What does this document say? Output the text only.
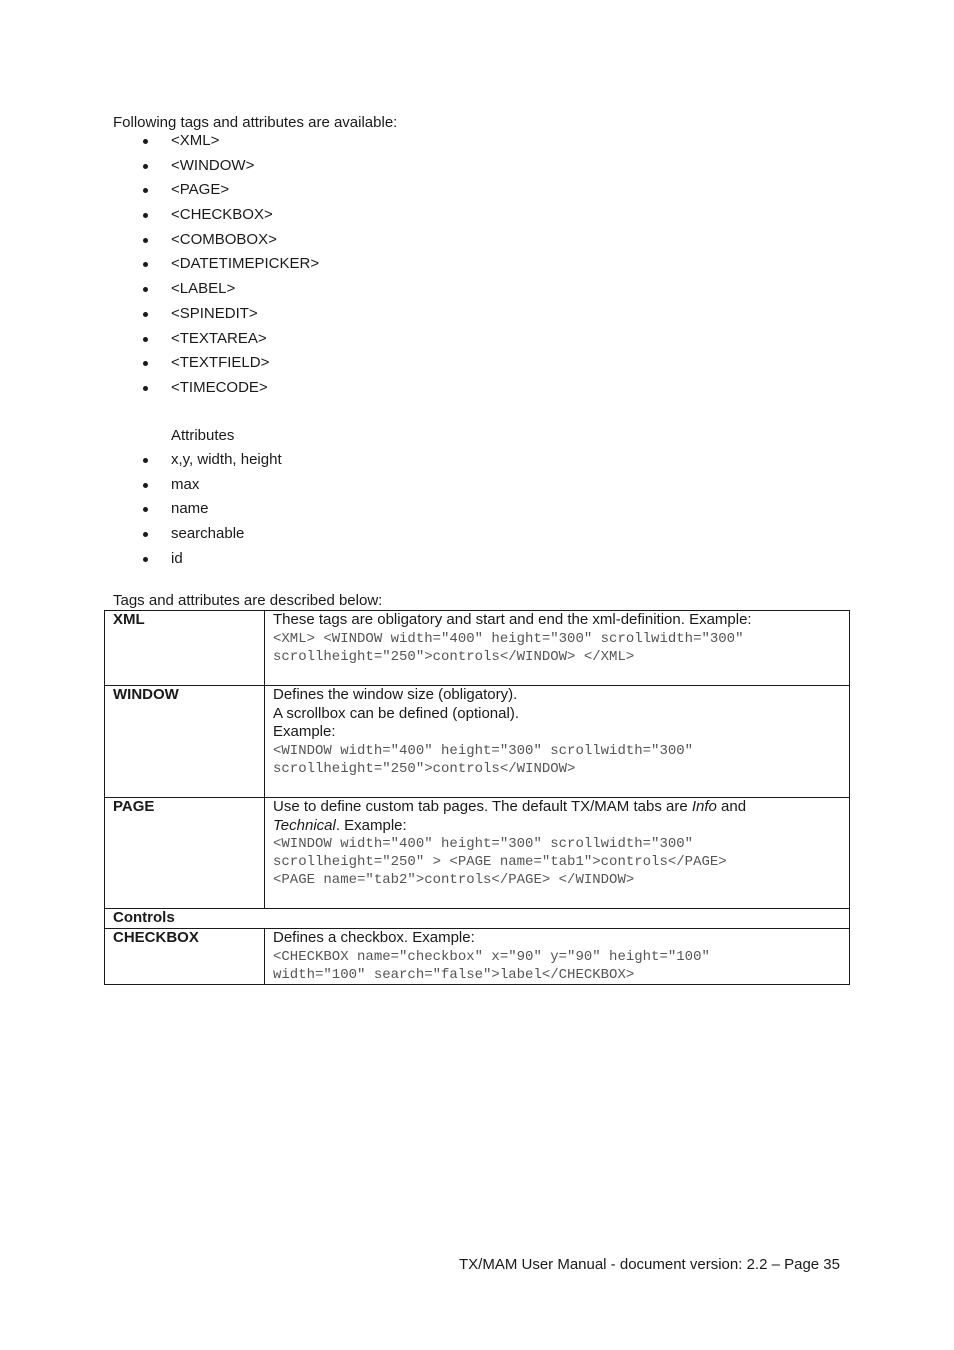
Following tags and attributes are available:
<XML>
<WINDOW>
<PAGE>
<CHECKBOX>
<COMBOBOX>
<DATETIMEPICKER>
<LABEL>
<SPINEDIT>
<TEXTAREA>
<TEXTFIELD>
<TIMECODE>
Attributes
x,y, width, height
max
name
searchable
id
Tags and attributes are described below:
XML	These tags are obligatory and start and end the xml-definition. Example:
<XML> <WINDOW width="400" height="300" scrollwidth="300"
scrollheight="250">controls</WINDOW> </XML>

WINDOW	Defines the window size (obligatory).
A scrollbox can be defined (optional).
Example:
<WINDOW width="400" height="300" scrollwidth="300"
scrollheight="250">controls</WINDOW>

PAGE	Use to define custom tab pages. The default TX/MAM tabs are Info and
Technical. Example:
<WINDOW width="400" height="300" scrollwidth="300"
scrollheight="250" > <PAGE name="tab1">controls</PAGE>
<PAGE name="tab2">controls</PAGE> </WINDOW>

Controls	
CHECKBOX	Defines a checkbox. Example:
<CHECKBOX name="checkbox" x="90" y="90" height="100"
width="100" search="false">label</CHECKBOX>
TX/MAM User Manual - document version: 2.2 – Page 35
